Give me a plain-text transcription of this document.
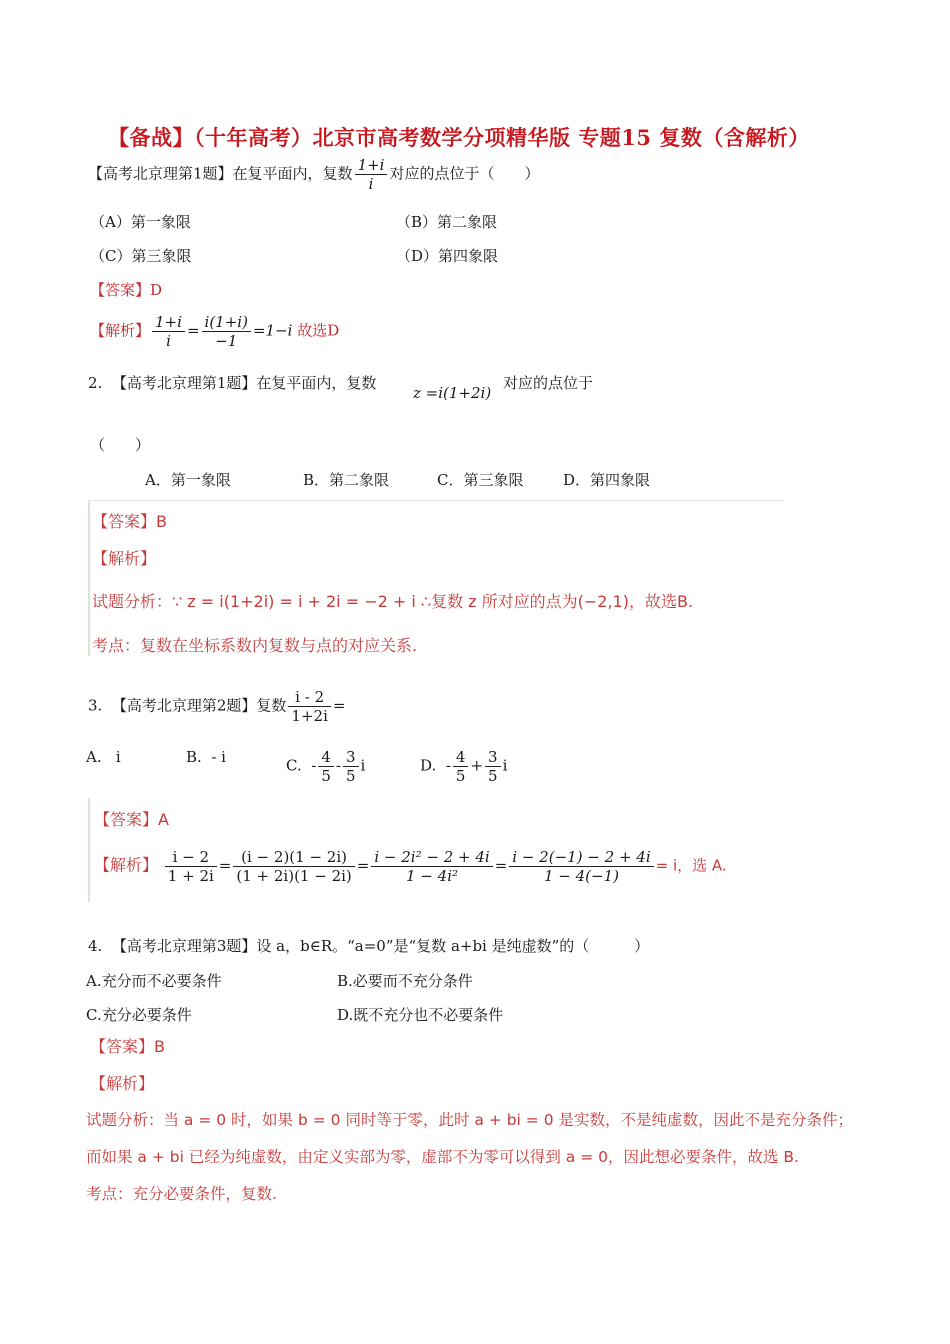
【备战】（十年高考）北京市高考数学分项精华版 专题15 复数（含解析）
【高考北京理第1题】在复平面内，复数 $\frac{1+i}{i}$ 对应的点位于（　　）
（A）第一象限	（B）第二象限
（C）第三象限	（D）第四象限
【答案】D
【解析】 $\frac{1+i}{i} = \frac{i(1+i)}{-1} =1-i$ 故选D
2. 【高考北京理第1题】在复平面内，复数
z =i(1+2i)
对应的点位于
（　　）
A．第一象限	B．第二象限	C．第三象限	D．第四象限
【答案】B
【解析】
试题分析：∵ z = i(1+2i) = i + 2i = −2 + i ∴复数 z 所对应的点为(−2,1)，故选B.
考点：复数在坐标系数内复数与点的对应关系.
3. 【高考北京理第2题】复数 $\frac{i - 2}{1+2i}$ =
A. i	B. - i	C. - $\frac{4}{5} - \frac{3}{5}$ i	D. - $\frac{4}{5} + \frac{3}{5}$ i
【答案】A
【解析】 $\frac{i - 2}{1 + 2i} = \frac{(i - 2)(1 - 2i)}{(1 + 2i)(1 - 2i)} = \frac{\text{i − 2i² − 2 + 4i}}{\text{1 − 4i²}} = \frac{i - 2(-1) - 2 + 4i}{1 - 4(-1)} = i$，选 A.
4. 【高考北京理第3题】设 a，b∈R。“a=0”是“复数 a+bi 是纯虚数”的（　　　）
A.充分而不必要条件	B.必要而不充分条件
C.充分必要条件	D.既不充分也不必要条件
【答案】B
【解析】
试题分析：当 a = 0 时，如果 b = 0 同时等于零，此时 a + bi = 0 是实数，不是纯虚数，因此不是充分条件；
而如果 a + bi 已经为纯虚数，由定义实部为零，虚部不为零可以得到 a = 0，因此想必要条件，故选 B.
考点：充分必要条件，复数.
